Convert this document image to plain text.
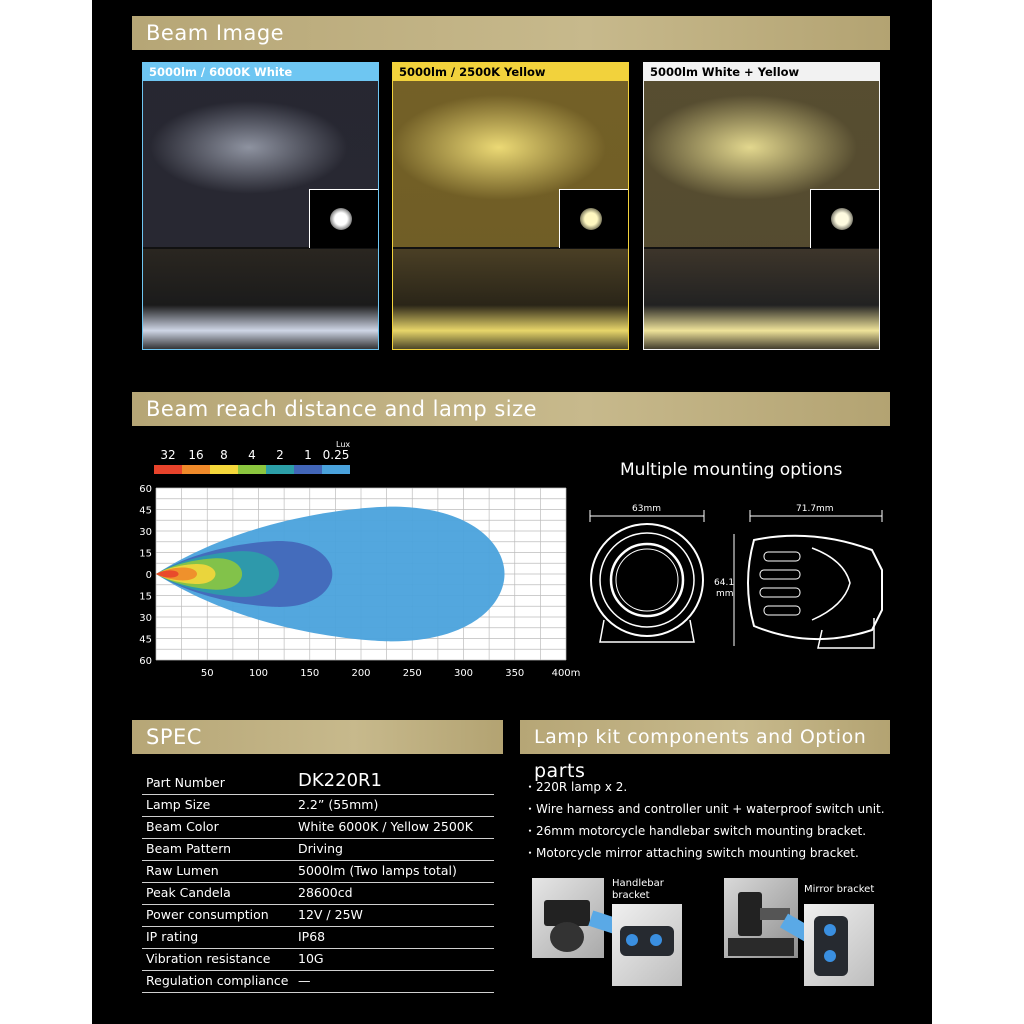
Beam Image
5000lm / 6000K White	5000lm / 2500K Yellow	5000lm White + Yellow
Beam reach distance and lamp size
Lux
32	16	8	4	2	1 0.25
50	100	150	200	250	300	350	400m
60
45
30
15
0
15
30
45
60
Multiple mounting options
63mm	71.7mm
64.1
mm
SPEC
Part Number	DK220R1
Lamp Size	2.2” (55mm)
Beam Color	White 6000K / Yellow 2500K
Beam Pattern	Driving
Raw Lumen	5000lm (Two lamps total)
Peak Candela	28600cd
Power consumption 12V / 25W
IP rating	IP68
Vibration resistance 10G
Regulation compliance —
Lamp kit components and Option parts
・220R lamp x 2.
・Wire harness and controller unit + waterproof switch unit.
・26mm motorcycle handlebar switch mounting bracket.
・Motorcycle mirror attaching switch mounting bracket.
Handlebar
bracket
Mirror bracket
